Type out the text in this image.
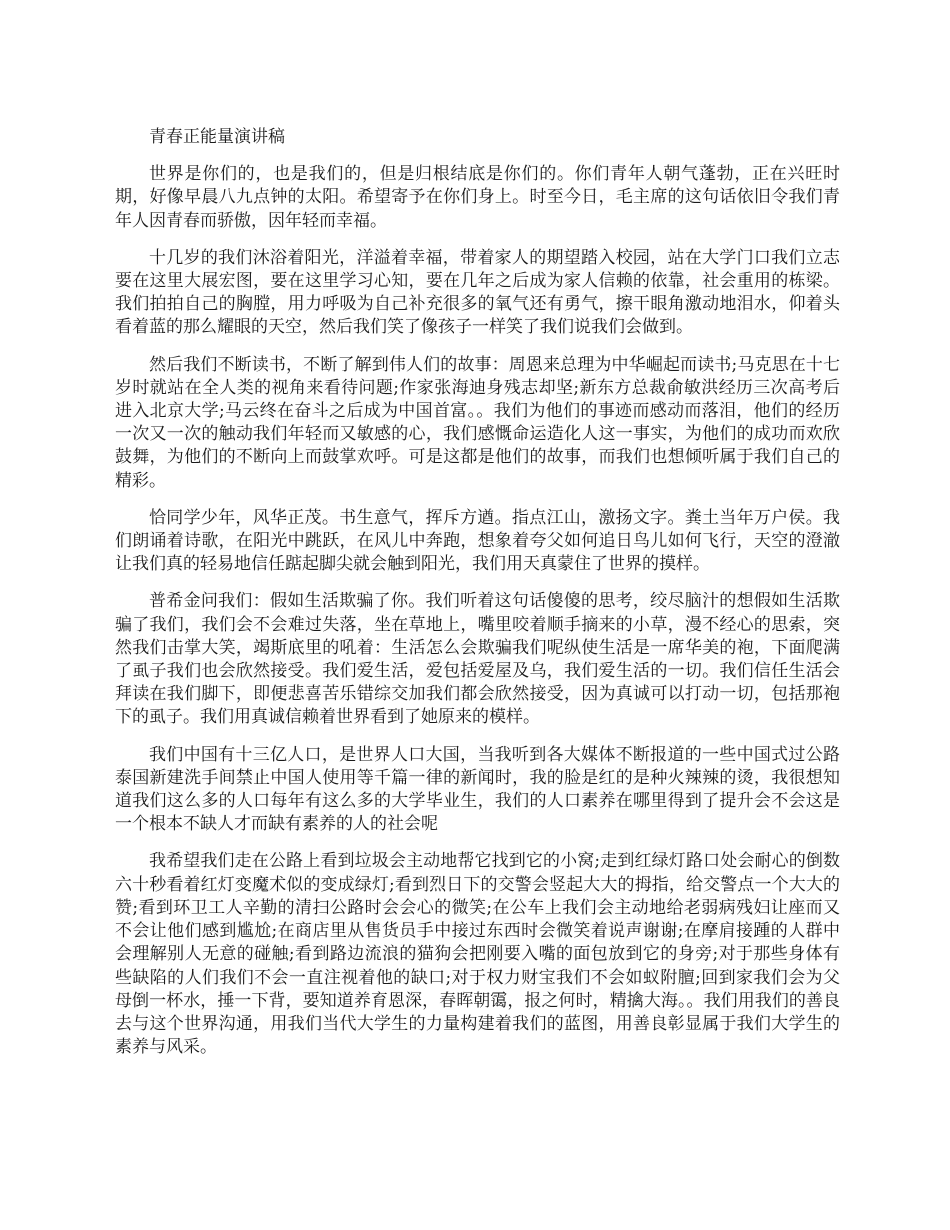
青春正能量演讲稿

世界是你们的，也是我们的，但是归根结底是你们的。你们青年人朝气蓬勃，正在兴旺时期，好像早晨八九点钟的太阳。希望寄予在你们身上。时至今日，毛主席的这句话依旧令我们青年人因青春而骄傲，因年轻而幸福。

十几岁的我们沐浴着阳光，洋溢着幸福，带着家人的期望踏入校园，站在大学门口我们立志要在这里大展宏图，要在这里学习心知，要在几年之后成为家人信赖的依靠，社会重用的栋梁。我们拍拍自己的胸膛，用力呼吸为自己补充很多的氧气还有勇气，擦干眼角激动地泪水，仰着头看着蓝的那么耀眼的天空，然后我们笑了像孩子一样笑了我们说我们会做到。

然后我们不断读书，不断了解到伟人们的故事：周恩来总理为中华崛起而读书;马克思在十七岁时就站在全人类的视角来看待问题;作家张海迪身残志却坚;新东方总裁俞敏洪经历三次高考后进入北京大学;马云终在奋斗之后成为中国首富。。我们为他们的事迹而感动而落泪，他们的经历一次又一次的触动我们年轻而又敏感的心，我们感慨命运造化人这一事实，为他们的成功而欢欣鼓舞，为他们的不断向上而鼓掌欢呼。可是这都是他们的故事，而我们也想倾听属于我们自己的精彩。

恰同学少年，风华正茂。书生意气，挥斥方遒。指点江山，激扬文字。粪土当年万户侯。我们朗诵着诗歌，在阳光中跳跃，在风儿中奔跑，想象着夸父如何追日鸟儿如何飞行，天空的澄澈让我们真的轻易地信任踮起脚尖就会触到阳光，我们用天真蒙住了世界的摸样。

普希金问我们：假如生活欺骗了你。我们听着这句话傻傻的思考，绞尽脑汁的想假如生活欺骗了我们，我们会不会难过失落，坐在草地上，嘴里咬着顺手摘来的小草，漫不经心的思索，突然我们击掌大笑，竭斯底里的吼着：生活怎么会欺骗我们呢纵使生活是一席华美的袍，下面爬满了虱子我们也会欣然接受。我们爱生活，爱包括爱屋及乌，我们爱生活的一切。我们信任生活会拜读在我们脚下，即便悲喜苦乐错综交加我们都会欣然接受，因为真诚可以打动一切，包括那袍下的虱子。我们用真诚信赖着世界看到了她原来的模样。

我们中国有十三亿人口，是世界人口大国，当我听到各大媒体不断报道的一些中国式过公路泰国新建洗手间禁止中国人使用等千篇一律的新闻时，我的脸是红的是种火辣辣的烫，我很想知道我们这么多的人口每年有这么多的大学毕业生，我们的人口素养在哪里得到了提升会不会这是一个根本不缺人才而缺有素养的人的社会呢

我希望我们走在公路上看到垃圾会主动地帮它找到它的小窝;走到红绿灯路口处会耐心的倒数六十秒看着红灯变魔术似的变成绿灯;看到烈日下的交警会竖起大大的拇指，给交警点一个大大的赞;看到环卫工人辛勤的清扫公路时会会心的微笑;在公车上我们会主动地给老弱病残妇让座而又不会让他们感到尴尬;在商店里从售货员手中接过东西时会微笑着说声谢谢;在摩肩接踵的人群中会理解别人无意的碰触;看到路边流浪的猫狗会把刚要入嘴的面包放到它的身旁;对于那些身体有些缺陷的人们我们不会一直注视着他的缺口;对于权力财宝我们不会如蚁附膻;回到家我们会为父母倒一杯水，捶一下背，要知道养育恩深，春晖朝霭，报之何时，精擒大海。。我们用我们的善良去与这个世界沟通，用我们当代大学生的力量构建着我们的蓝图，用善良彰显属于我们大学生的素养与风采。
